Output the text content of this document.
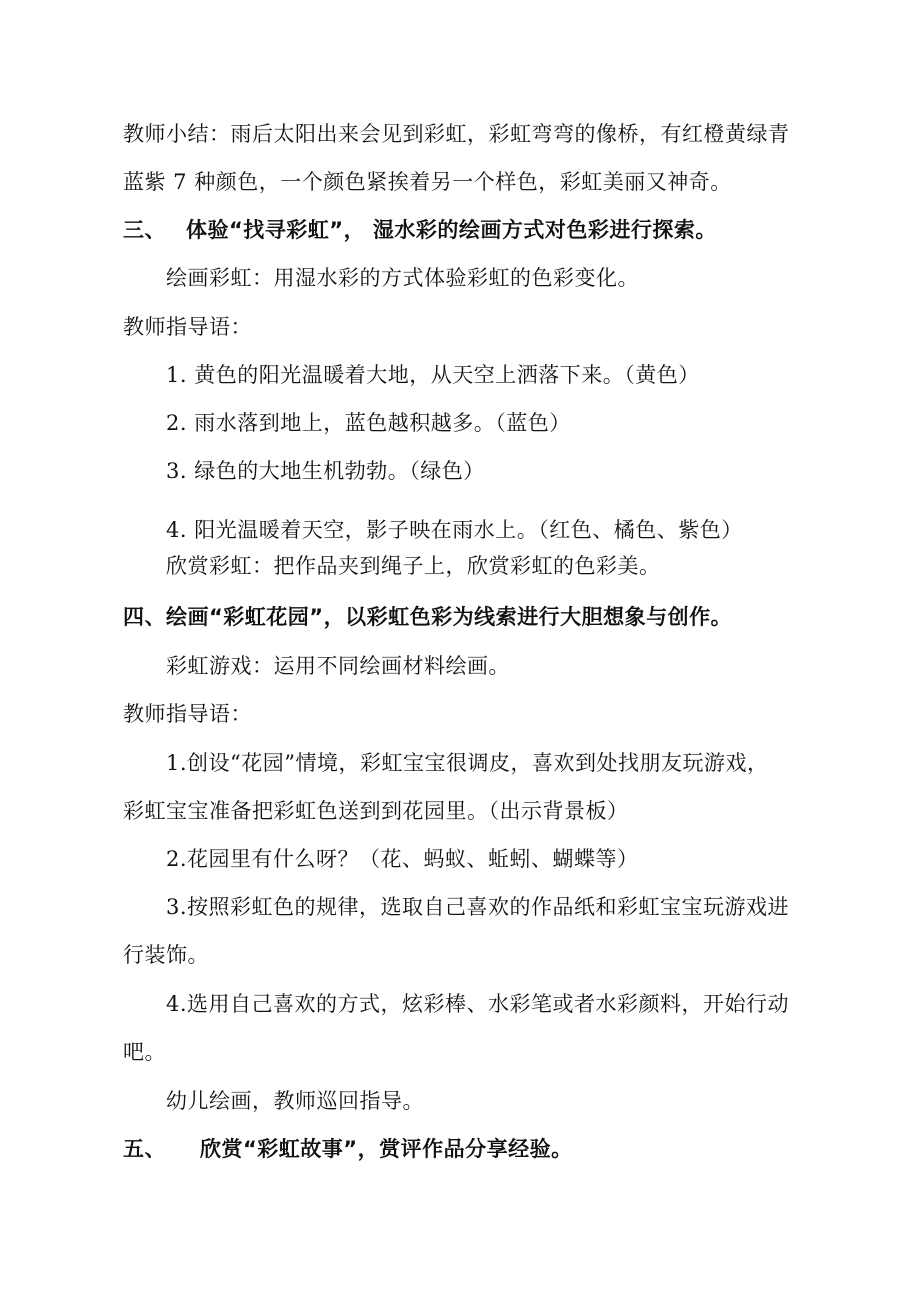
教师小结：雨后太阳出来会见到彩虹，彩虹弯弯的像桥，有红橙黄绿青
蓝紫 7 种颜色，一个颜色紧挨着另一个样色，彩虹美丽又神奇。
三、 体验“找寻彩虹”， 湿水彩的绘画方式对色彩进行探索。
绘画彩虹：用湿水彩的方式体验彩虹的色彩变化。
教师指导语：
1. 黄色的阳光温暖着大地，从天空上洒落下来。（黄色）
2. 雨水落到地上，蓝色越积越多。（蓝色）
3. 绿色的大地生机勃勃。（绿色）
4. 阳光温暖着天空，影子映在雨水上。（红色、橘色、紫色）
欣赏彩虹：把作品夹到绳子上，欣赏彩虹的色彩美。
四、绘画“彩虹花园”，以彩虹色彩为线索进行大胆想象与创作。
彩虹游戏：运用不同绘画材料绘画。
教师指导语：
1.创设“花园”情境，彩虹宝宝很调皮，喜欢到处找朋友玩游戏，
彩虹宝宝准备把彩虹色送到到花园里。（出示背景板）
2.花园里有什么呀？（花、蚂蚁、蚯蚓、蝴蝶等）
3.按照彩虹色的规律，选取自己喜欢的作品纸和彩虹宝宝玩游戏进
行装饰。
4.选用自己喜欢的方式，炫彩棒、水彩笔或者水彩颜料，开始行动
吧。
幼儿绘画，教师巡回指导。
五、 欣赏“彩虹故事”，赏评作品分享经验。
